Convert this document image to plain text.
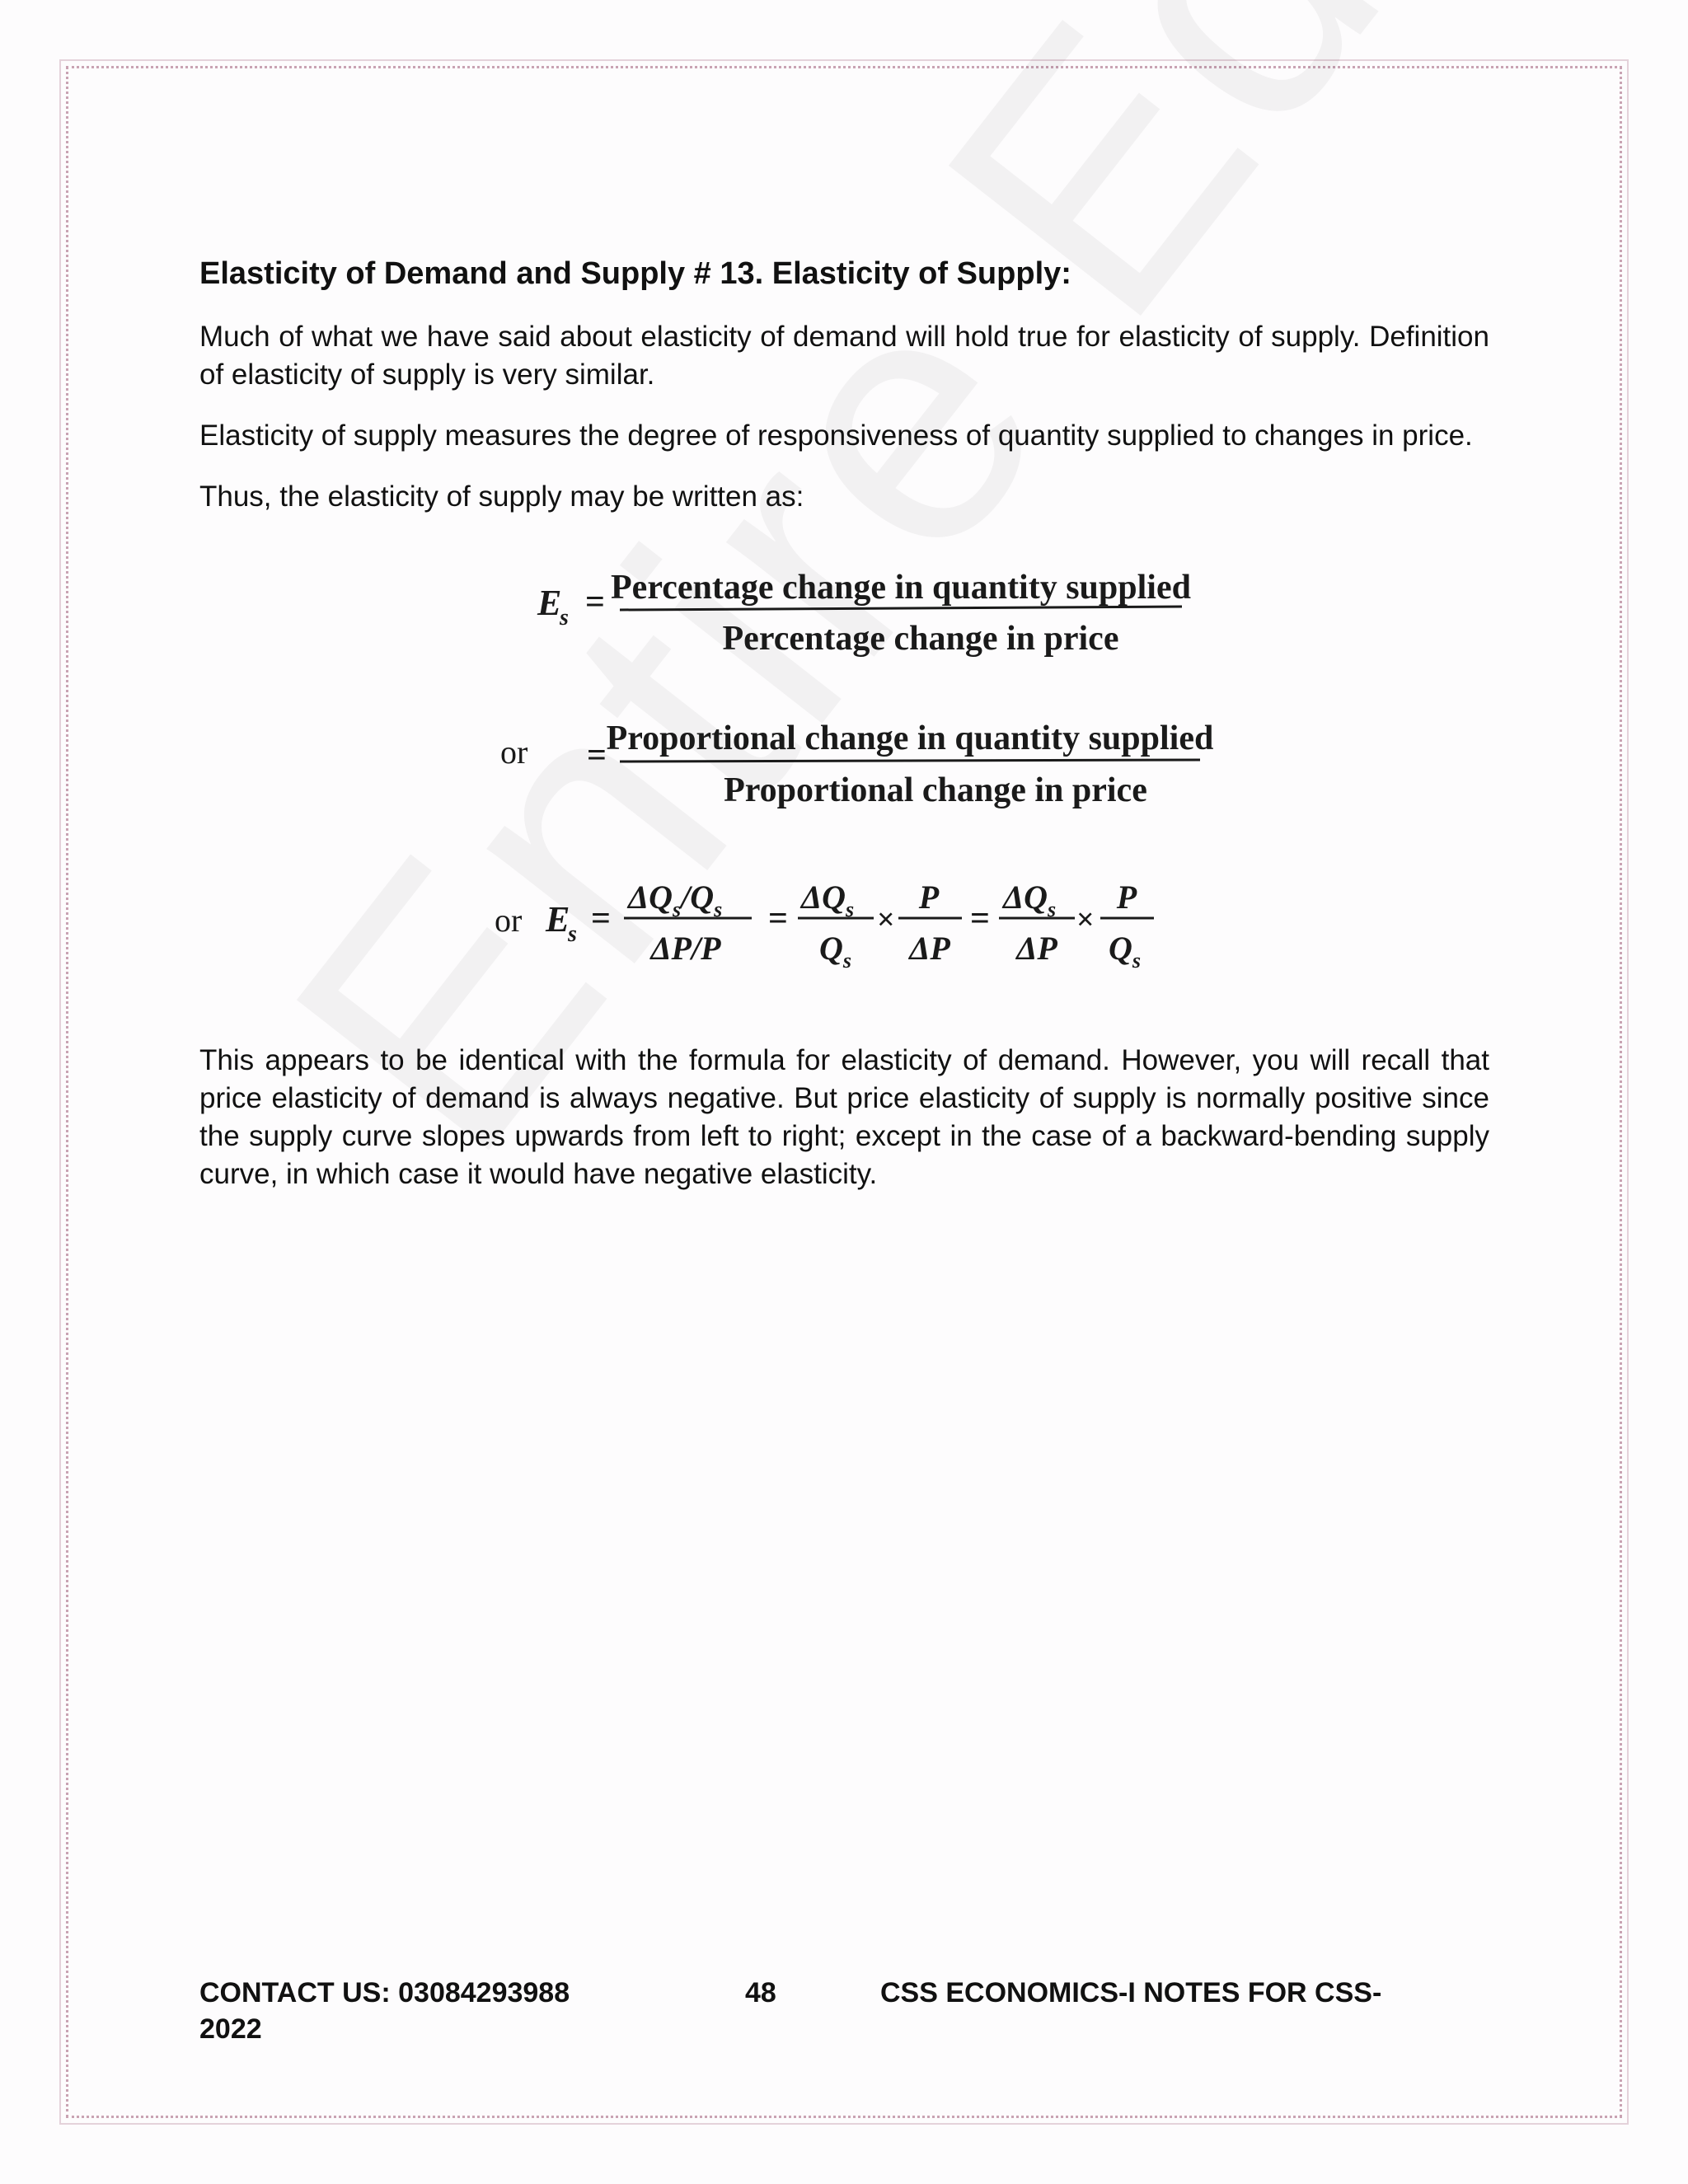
Elasticity of Demand and Supply # 13. Elasticity of Supply:

Much of what we have said about elasticity of demand will hold true for elasticity of supply. Definition of elasticity of supply is very similar.

Elasticity of supply measures the degree of responsiveness of quantity supplied to changes in price.

Thus, the elasticity of supply may be written as:

E
s = Percentage change in quantity supplied
Percentage change in price
or = Proportional change in quantity supplied
Proportional change in price
or E
s =
$\Delta Q_s/Q_s$
ΔP/P
=
$\Delta Q_s$
$Q_s$
×
P
ΔP
=
$\Delta Q_s$
ΔP
×
P
$Q_s$

This appears to be identical with the formula for elasticity of demand. However, you will recall that price elasticity of demand is always negative. But price elasticity of supply is normally positive since the supply curve slopes upwards from left to right; except in the case of a backward-bending supply curve, in which case it would have negative elasticity.

CONTACT US: 03084293988	48	CSS ECONOMICS-I NOTES FOR CSS-
2022
